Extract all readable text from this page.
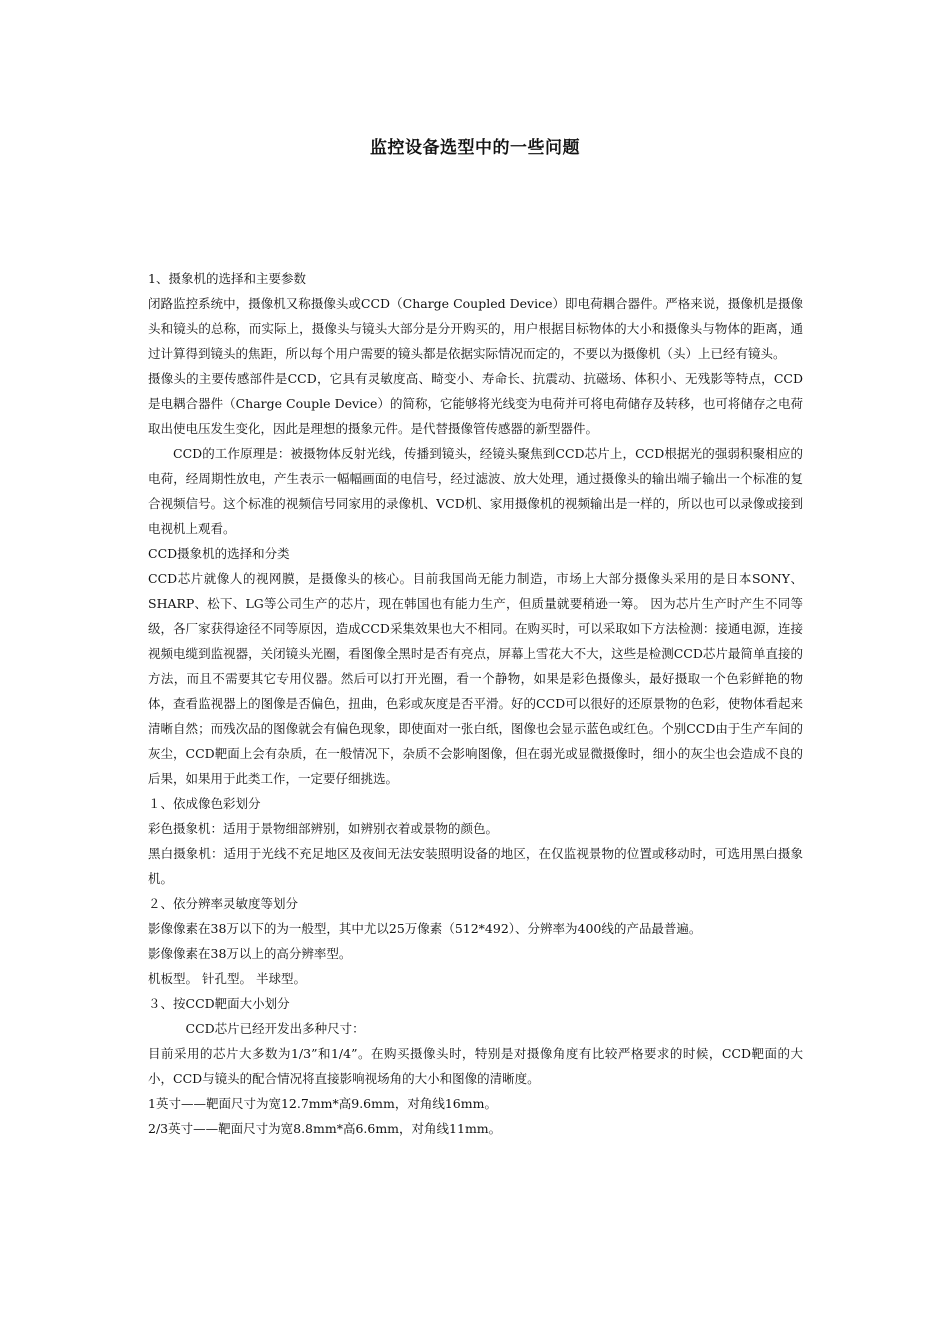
监控设备选型中的一些问题

1、摄象机的选择和主要参数

闭路监控系统中，摄像机又称摄像头或CCD（Charge Coupled Device）即电荷耦合器件。严格来说，摄像机是摄像头和镜头的总称，而实际上，摄像头与镜头大部分是分开购买的，用户根据目标物体的大小和摄像头与物体的距离，通过计算得到镜头的焦距，所以每个用户需要的镜头都是依据实际情况而定的，不要以为摄像机（头）上已经有镜头。

摄像头的主要传感部件是CCD，它具有灵敏度高、畸变小、寿命长、抗震动、抗磁场、体积小、无残影等特点，CCD是电耦合器件（Charge Couple Device）的简称，它能够将光线变为电荷并可将电荷储存及转移，也可将储存之电荷取出使电压发生变化，因此是理想的摄象元件。是代替摄像管传感器的新型器件。

CCD的工作原理是：被摄物体反射光线，传播到镜头，经镜头聚焦到CCD芯片上，CCD根据光的强弱积聚相应的电荷，经周期性放电，产生表示一幅幅画面的电信号，经过滤波、放大处理，通过摄像头的输出端子输出一个标准的复合视频信号。这个标准的视频信号同家用的录像机、VCD机、家用摄像机的视频输出是一样的，所以也可以录像或接到电视机上观看。

CCD摄象机的选择和分类

CCD芯片就像人的视网膜，是摄像头的核心。目前我国尚无能力制造，市场上大部分摄像头采用的是日本SONY、SHARP、松下、LG等公司生产的芯片，现在韩国也有能力生产，但质量就要稍逊一筹。 因为芯片生产时产生不同等级，各厂家获得途径不同等原因，造成CCD采集效果也大不相同。在购买时，可以采取如下方法检测：接通电源，连接视频电缆到监视器，关闭镜头光圈，看图像全黑时是否有亮点，屏幕上雪花大不大，这些是检测CCD芯片最简单直接的方法，而且不需要其它专用仪器。然后可以打开光圈，看一个静物，如果是彩色摄像头，最好摄取一个色彩鲜艳的物体，查看监视器上的图像是否偏色，扭曲，色彩或灰度是否平滑。好的CCD可以很好的还原景物的色彩，使物体看起来清晰自然；而残次品的图像就会有偏色现象，即使面对一张白纸，图像也会显示蓝色或红色。个别CCD由于生产车间的灰尘，CCD靶面上会有杂质，在一般情况下，杂质不会影响图像，但在弱光或显微摄像时，细小的灰尘也会造成不良的后果，如果用于此类工作，一定要仔细挑选。

１、依成像色彩划分

彩色摄象机：适用于景物细部辨别，如辨别衣着或景物的颜色。

黑白摄象机：适用于光线不充足地区及夜间无法安装照明设备的地区，在仅监视景物的位置或移动时，可选用黑白摄象机。

２、依分辨率灵敏度等划分

影像像素在38万以下的为一般型，其中尤以25万像素（512*492）、分辨率为400线的产品最普遍。

影像像素在38万以上的高分辨率型。

机板型。 针孔型。 半球型。

３、按CCD靶面大小划分

CCD芯片已经开发出多种尺寸：

目前采用的芯片大多数为1/3”和1/4”。在购买摄像头时，特别是对摄像角度有比较严格要求的时候，CCD靶面的大小，CCD与镜头的配合情况将直接影响视场角的大小和图像的清晰度。

1英寸——靶面尺寸为宽12.7mm*高9.6mm，对角线16mm。

2/3英寸——靶面尺寸为宽8.8mm*高6.6mm，对角线11mm。
